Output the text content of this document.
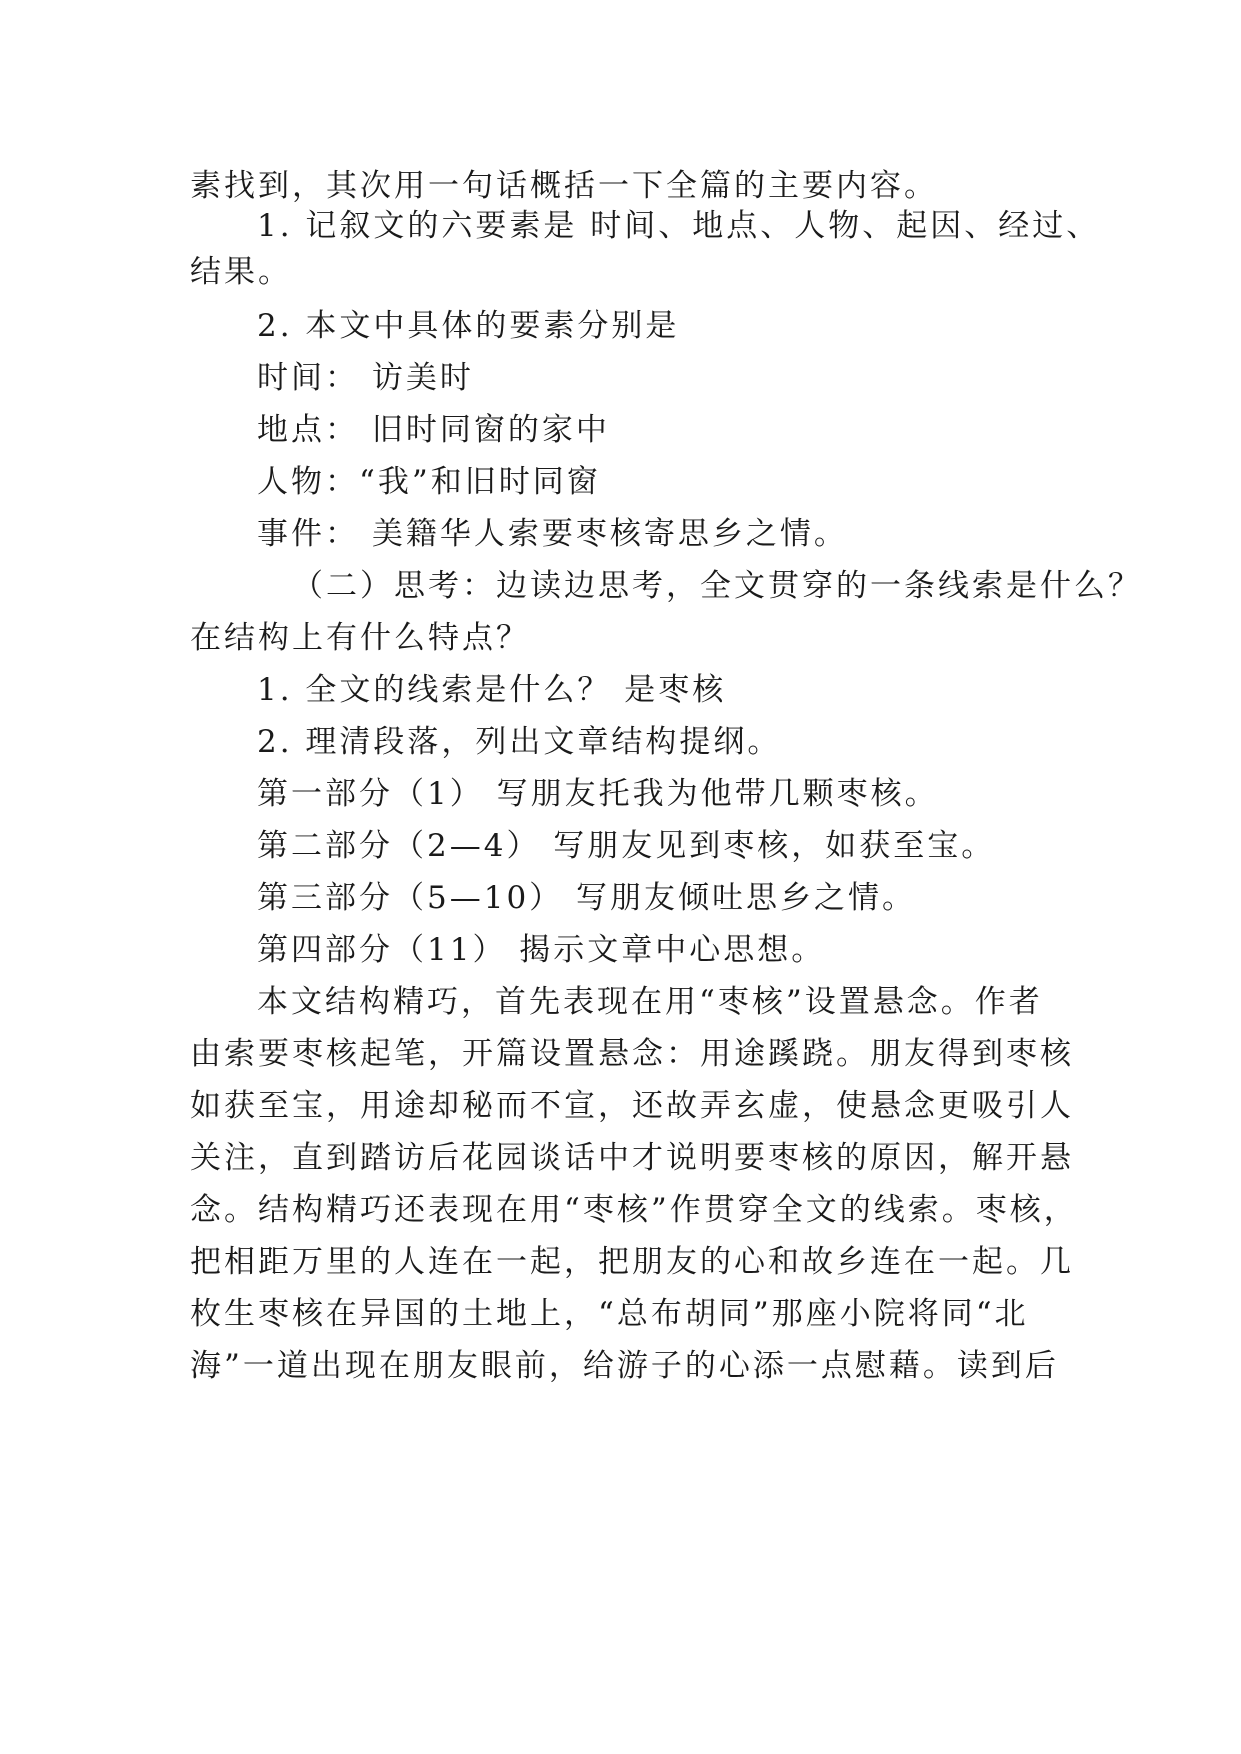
素找到，其次用一句话概括一下全篇的主要内容。
1. 记叙文的六要素是 时间、地点、人物、起因、经过、
结果。
2. 本文中具体的要素分别是
时间： 访美时
地点： 旧时同窗的家中
人物：“我”和旧时同窗
事件： 美籍华人索要枣核寄思乡之情。
（二）思考：边读边思考，全文贯穿的一条线索是什么？
在结构上有什么特点？
1. 全文的线索是什么？ 是枣核
2. 理清段落，列出文章结构提纲。
第一部分（1） 写朋友托我为他带几颗枣核。
第二部分（2—4） 写朋友见到枣核，如获至宝。
第三部分（5—10） 写朋友倾吐思乡之情。
第四部分（11） 揭示文章中心思想。
本文结构精巧，首先表现在用“枣核”设置悬念。作者
由索要枣核起笔，开篇设置悬念：用途蹊跷。朋友得到枣核
如获至宝，用途却秘而不宣，还故弄玄虚，使悬念更吸引人
关注，直到踏访后花园谈话中才说明要枣核的原因，解开悬
念。结构精巧还表现在用“枣核”作贯穿全文的线索。枣核，
把相距万里的人连在一起，把朋友的心和故乡连在一起。几
枚生枣核在异国的土地上，“总布胡同”那座小院将同“北
海”一道出现在朋友眼前，给游子的心添一点慰藉。读到后
